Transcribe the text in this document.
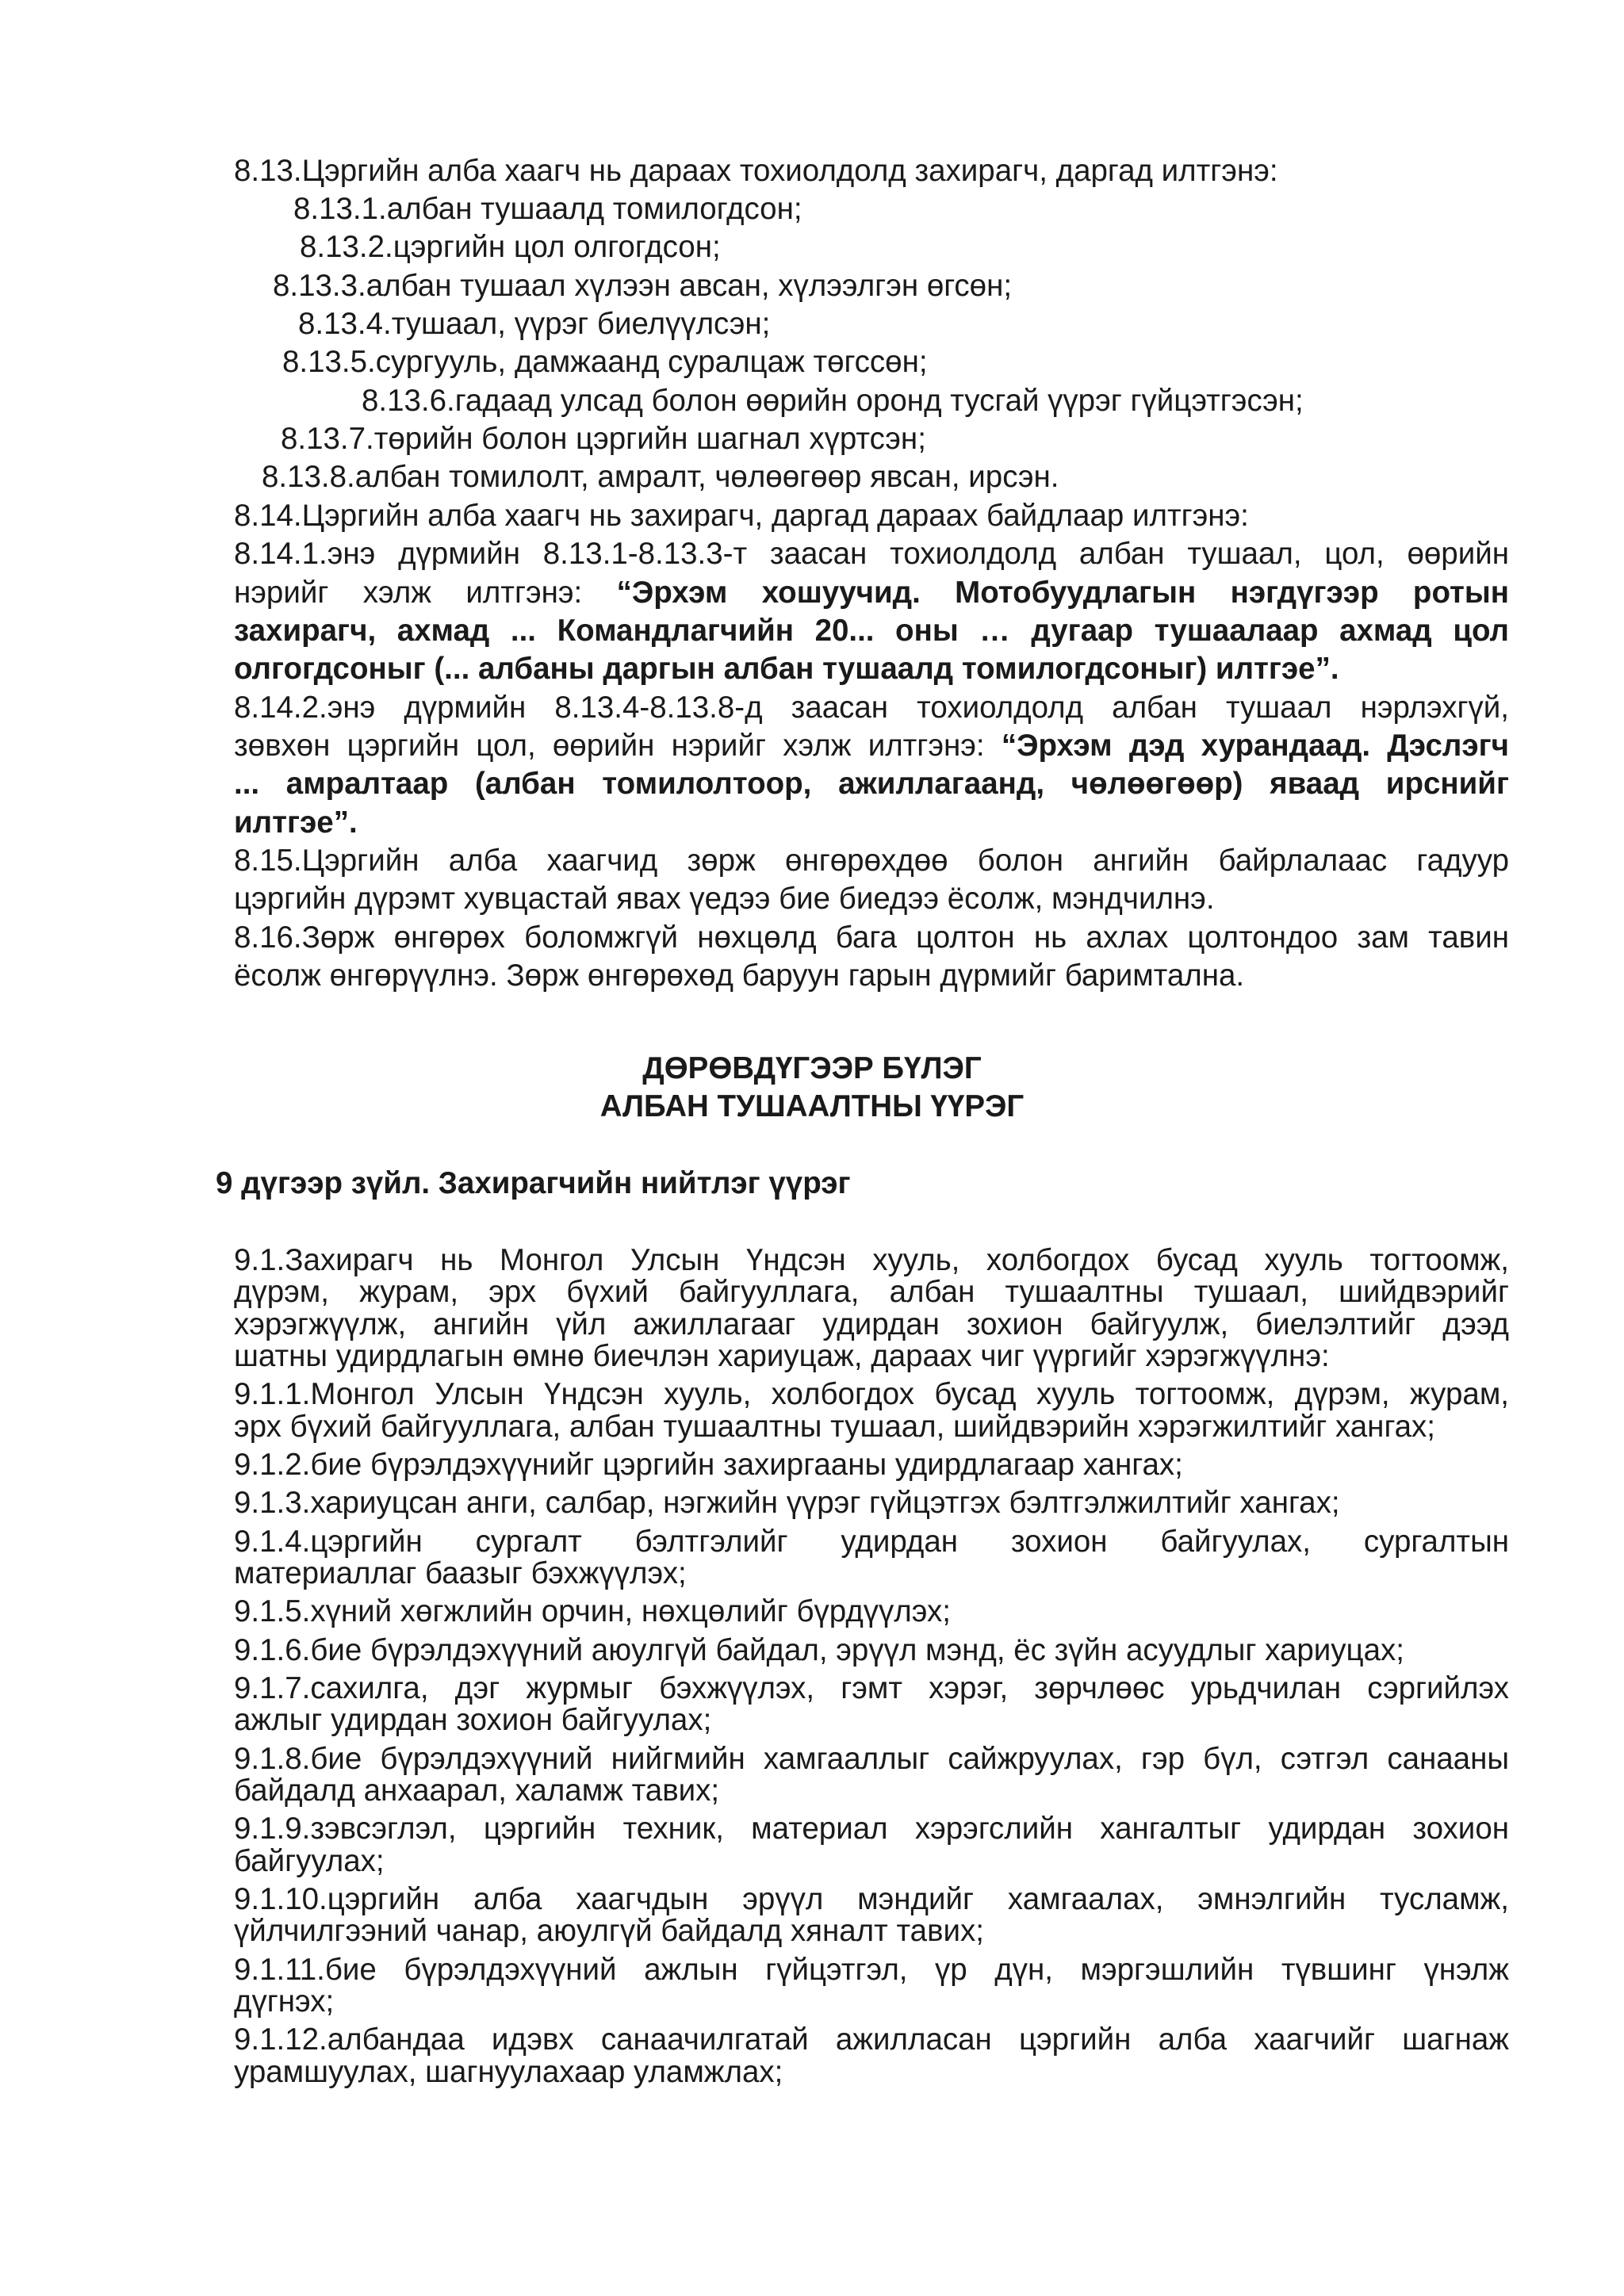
8.13.Цэргийн алба хаагч нь дараах тохиолдолд захирагч, даргад илтгэнэ:
8.13.1.албан тушаалд томилогдсон;
8.13.2.цэргийн цол олгогдсон;
8.13.3.албан тушаал хүлээн авсан, хүлээлгэн өгсөн;
8.13.4.тушаал, үүрэг биелүүлсэн;
8.13.5.сургууль, дамжаанд суралцаж төгссөн;
8.13.6.гадаад улсад болон өөрийн оронд тусгай үүрэг гүйцэтгэсэн;
8.13.7.төрийн болон цэргийн шагнал хүртсэн;
8.13.8.албан томилолт, амралт, чөлөөгөөр явсан, ирсэн.
8.14.Цэргийн алба хаагч нь захирагч, даргад дараах байдлаар илтгэнэ:
8.14.1.энэ дүрмийн 8.13.1-8.13.3-т заасан тохиолдолд албан тушаал, цол, өөрийн
нэрийг хэлж илтгэнэ: “Эрхэм хошуучид. Мотобуудлагын нэгдүгээр ротын
захирагч, ахмад ... Командлагчийн 20... оны … дугаар тушаалаар ахмад цол
олгогдсоныг (... албаны даргын албан тушаалд томилогдсоныг) илтгэе”.
8.14.2.энэ дүрмийн 8.13.4-8.13.8-д заасан тохиолдолд албан тушаал нэрлэхгүй,
зөвхөн цэргийн цол, өөрийн нэрийг хэлж илтгэнэ: “Эрхэм дэд хурандаад. Дэслэгч
... амралтаар (албан томилолтоор, ажиллагаанд, чөлөөгөөр) яваад ирснийг
илтгэе”.
8.15.Цэргийн алба хаагчид зөрж өнгөрөхдөө болон ангийн байрлалаас гадуур
цэргийн дүрэмт хувцастай явах үедээ бие биедээ ёсолж, мэндчилнэ.
8.16.Зөрж өнгөрөх боломжгүй нөхцөлд бага цолтон нь ахлах цолтондоо зам тавин
ёсолж өнгөрүүлнэ. Зөрж өнгөрөхөд баруун гарын дүрмийг баримтална.
ДӨРӨВДҮГЭЭР БҮЛЭГ
АЛБАН ТУШААЛТНЫ ҮҮРЭГ
9 дүгээр зүйл. Захирагчийн нийтлэг үүрэг
9.1.Захирагч нь Монгол Улсын Үндсэн хууль, холбогдох бусад хууль тогтоомж,
дүрэм, журам, эрх бүхий байгууллага, албан тушаалтны тушаал, шийдвэрийг
хэрэгжүүлж, ангийн үйл ажиллагааг удирдан зохион байгуулж, биелэлтийг дээд
шатны удирдлагын өмнө биечлэн хариуцаж, дараах чиг үүргийг хэрэгжүүлнэ:
9.1.1.Монгол Улсын Үндсэн хууль, холбогдох бусад хууль тогтоомж, дүрэм, журам,
эрх бүхий байгууллага, албан тушаалтны тушаал, шийдвэрийн хэрэгжилтийг хангах;
9.1.2.бие бүрэлдэхүүнийг цэргийн захиргааны удирдлагаар хангах;
9.1.3.хариуцсан анги, салбар, нэгжийн үүрэг гүйцэтгэх бэлтгэлжилтийг хангах;
9.1.4.цэргийн сургалт бэлтгэлийг удирдан зохион байгуулах, сургалтын
материаллаг баазыг бэхжүүлэх;
9.1.5.хүний хөгжлийн орчин, нөхцөлийг бүрдүүлэх;
9.1.6.бие бүрэлдэхүүний аюулгүй байдал, эрүүл мэнд, ёс зүйн асуудлыг хариуцах;
9.1.7.сахилга, дэг журмыг бэхжүүлэх, гэмт хэрэг, зөрчлөөс урьдчилан сэргийлэх
ажлыг удирдан зохион байгуулах;
9.1.8.бие бүрэлдэхүүний нийгмийн хамгааллыг сайжруулах, гэр бүл, сэтгэл санааны
байдалд анхаарал, халамж тавих;
9.1.9.зэвсэглэл, цэргийн техник, материал хэрэгслийн хангалтыг удирдан зохион
байгуулах;
9.1.10.цэргийн алба хаагчдын эрүүл мэндийг хамгаалах, эмнэлгийн тусламж,
үйлчилгээний чанар, аюулгүй байдалд хяналт тавих;
9.1.11.бие бүрэлдэхүүний ажлын гүйцэтгэл, үр дүн, мэргэшлийн түвшинг үнэлж
дүгнэх;
9.1.12.албандаа идэвх санаачилгатай ажилласан цэргийн алба хаагчийг шагнаж
урамшуулах, шагнуулахаар уламжлах;
